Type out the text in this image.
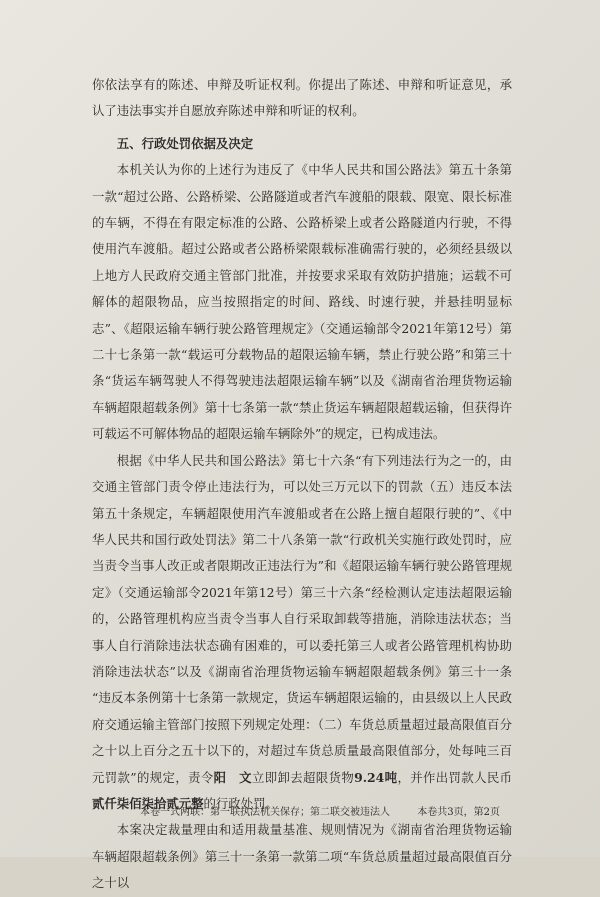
你依法享有的陈述、申辩及听证权利。你提出了陈述、申辩和听证意见，承认了违法事实并自愿放弃陈述申辩和听证的权利。

五、行政处罚依据及决定

本机关认为你的上述行为违反了《中华人民共和国公路法》第五十条第一款“超过公路、公路桥梁、公路隧道或者汽车渡船的限载、限宽、限长标准的车辆，不得在有限定标准的公路、公路桥梁上或者公路隧道内行驶，不得使用汽车渡船。超过公路或者公路桥梁限载标准确需行驶的，必须经县级以上地方人民政府交通主管部门批准，并按要求采取有效防护措施；运载不可解体的超限物品，应当按照指定的时间、路线、时速行驶，并悬挂明显标志”、《超限运输车辆行驶公路管理规定》（交通运输部令2021年第12号）第二十七条第一款“载运可分载物品的超限运输车辆，禁止行驶公路”和第三十条“货运车辆驾驶人不得驾驶违法超限运输车辆”以及《湖南省治理货物运输车辆超限超载条例》第十七条第一款“禁止货运车辆超限超载运输，但获得许可载运不可解体物品的超限运输车辆除外”的规定，已构成违法。

根据《中华人民共和国公路法》第七十六条“有下列违法行为之一的，由交通主管部门责令停止违法行为，可以处三万元以下的罚款（五）违反本法第五十条规定，车辆超限使用汽车渡船或者在公路上擅自超限行驶的”、《中华人民共和国行政处罚法》第二十八条第一款“行政机关实施行政处罚时，应当责令当事人改正或者限期改正违法行为”和《超限运输车辆行驶公路管理规定》（交通运输部令2021年第12号）第三十六条“经检测认定违法超限运输的，公路管理机构应当责令当事人自行采取卸载等措施，消除违法状态；当事人自行消除违法状态确有困难的，可以委托第三人或者公路管理机构协助消除违法状态”以及《湖南省治理货物运输车辆超限超载条例》第三十一条 “违反本条例第十七条第一款规定，货运车辆超限运输的，由县级以上人民政府交通运输主管部门按照下列规定处理：（二）车货总质量超过最高限值百分之十以上百分之五十以下的，对超过车货总质量最高限值部分，处每吨三百元罚款”的规定，责令阳　文立即卸去超限货物9.24吨，并作出罚款人民币贰仟柒佰柒拾贰元整的行政处罚。

本案决定裁量理由和适用裁量基准、规则情况为《湖南省治理货物运输车辆超限超载条例》第三十一条第一款第二项“车货总质量超过最高限值百分之十以

本卷一式两联：第一联执法机关保存；第二联交被违法人	本卷共3页，第2页
